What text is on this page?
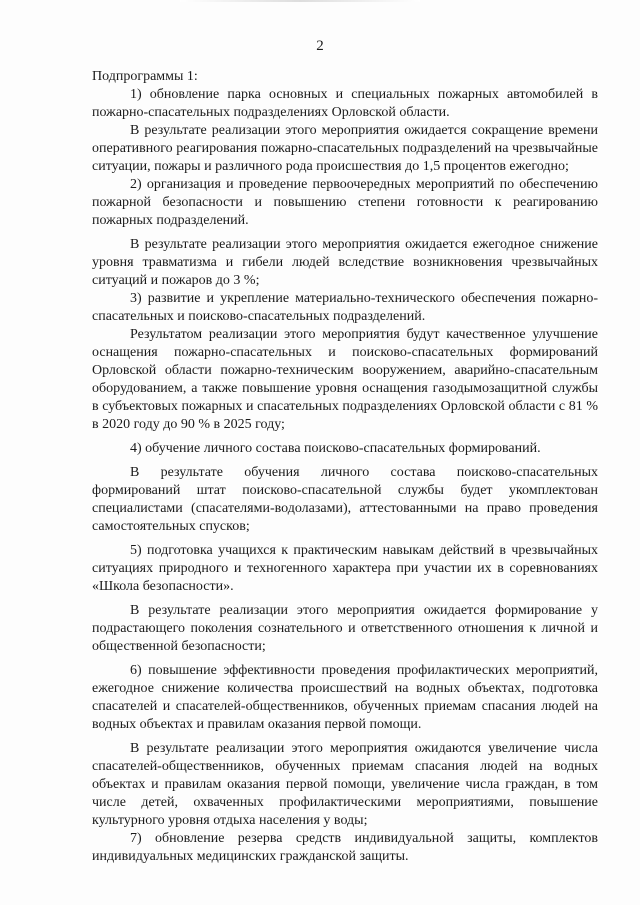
2

Подпрограммы 1:

1) обновление парка основных и специальных пожарных автомобилей в пожарно-спасательных подразделениях Орловской области.

В результате реализации этого мероприятия ожидается сокращение времени оперативного реагирования пожарно-спасательных подразделений на чрезвычайные ситуации, пожары и различного рода происшествия до 1,5 процентов ежегодно;

2) организация и проведение первоочередных мероприятий по обеспечению пожарной безопасности и повышению степени готовности к реагированию пожарных подразделений.

В результате реализации этого мероприятия ожидается ежегодное снижение уровня травматизма и гибели людей вследствие возникновения чрезвычайных ситуаций и пожаров до 3 %;

3) развитие и укрепление материально-технического обеспечения пожарно-спасательных и поисково-спасательных подразделений.

Результатом реализации этого мероприятия будут качественное улучшение оснащения пожарно-спасательных и поисково-спасательных формирований Орловской области пожарно-техническим вооружением, аварийно-спасательным оборудованием, а также повышение уровня оснащения газодымозащитной службы в субъектовых пожарных и спасательных подразделениях Орловской области с 81 % в 2020 году до 90 % в 2025 году;

4) обучение личного состава поисково-спасательных формирований.

В результате обучения личного состава поисково-спасательных формирований штат поисково-спасательной службы будет укомплектован специалистами (спасателями-водолазами), аттестованными на право проведения самостоятельных спусков;

5) подготовка учащихся к практическим навыкам действий в чрезвычайных ситуациях природного и техногенного характера при участии их в соревнованиях «Школа безопасности».

В результате реализации этого мероприятия ожидается формирование у подрастающего поколения сознательного и ответственного отношения к личной и общественной безопасности;

6) повышение эффективности проведения профилактических мероприятий, ежегодное снижение количества происшествий на водных объектах, подготовка спасателей и спасателей-общественников, обученных приемам спасания людей на водных объектах и правилам оказания первой помощи.

В результате реализации этого мероприятия ожидаются увеличение числа спасателей-общественников, обученных приемам спасания людей на водных объектах и правилам оказания первой помощи, увеличение числа граждан, в том числе детей, охваченных профилактическими мероприятиями, повышение культурного уровня отдыха населения у воды;

7) обновление резерва средств индивидуальной защиты, комплектов индивидуальных медицинских гражданской защиты.
